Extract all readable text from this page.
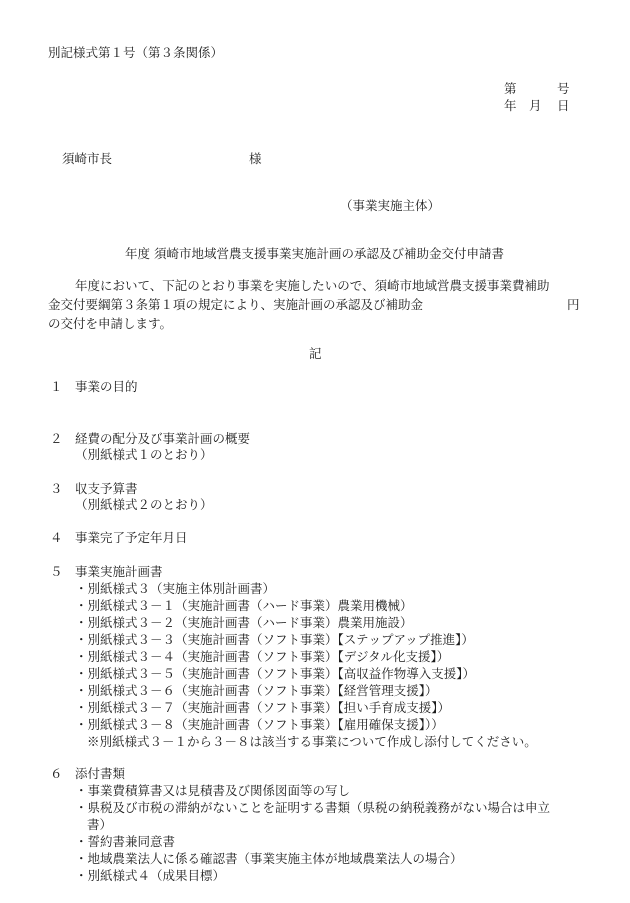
別記様式第１号（第３条関係）
第	号
年 月 日
須崎市長	様
（事業実施主体）
年度 須崎市地域営農支援事業実施計画の承認及び補助金交付申請書
年度において、下記のとおり事業を実施したいので、須崎市地域営農支援事業費補助
金交付要綱第３条第１項の規定により、実施計画の承認及び補助金	円
の交付を申請します。
記
１ 事業の目的
２ 経費の配分及び事業計画の概要
（別紙様式１のとおり）
３ 収支予算書
（別紙様式２のとおり）
４ 事業完了予定年月日
５ 事業実施計画書
・別紙様式３（実施主体別計画書）
・別紙様式３－１（実施計画書（ハード事業）農業用機械）
・別紙様式３－２（実施計画書（ハード事業）農業用施設）
・別紙様式３－３（実施計画書（ソフト事業）【ステップアップ推進】）
・別紙様式３－４（実施計画書（ソフト事業）【デジタル化支援】）
・別紙様式３－５（実施計画書（ソフト事業）【高収益作物導入支援】）
・別紙様式３－６（実施計画書（ソフト事業）【経営管理支援】）
・別紙様式３－７（実施計画書（ソフト事業）【担い手育成支援】）
・別紙様式３－８（実施計画書（ソフト事業）【雇用確保支援】））
※別紙様式３－１から３－８は該当する事業について作成し添付してください。
６ 添付書類
・事業費積算書又は見積書及び関係図面等の写し
・県税及び市税の滞納がないことを証明する書類（県税の納税義務がない場合は申立
書）
・誓約書兼同意書
・地域農業法人に係る確認書（事業実施主体が地域農業法人の場合）
・別紙様式４（成果目標）
